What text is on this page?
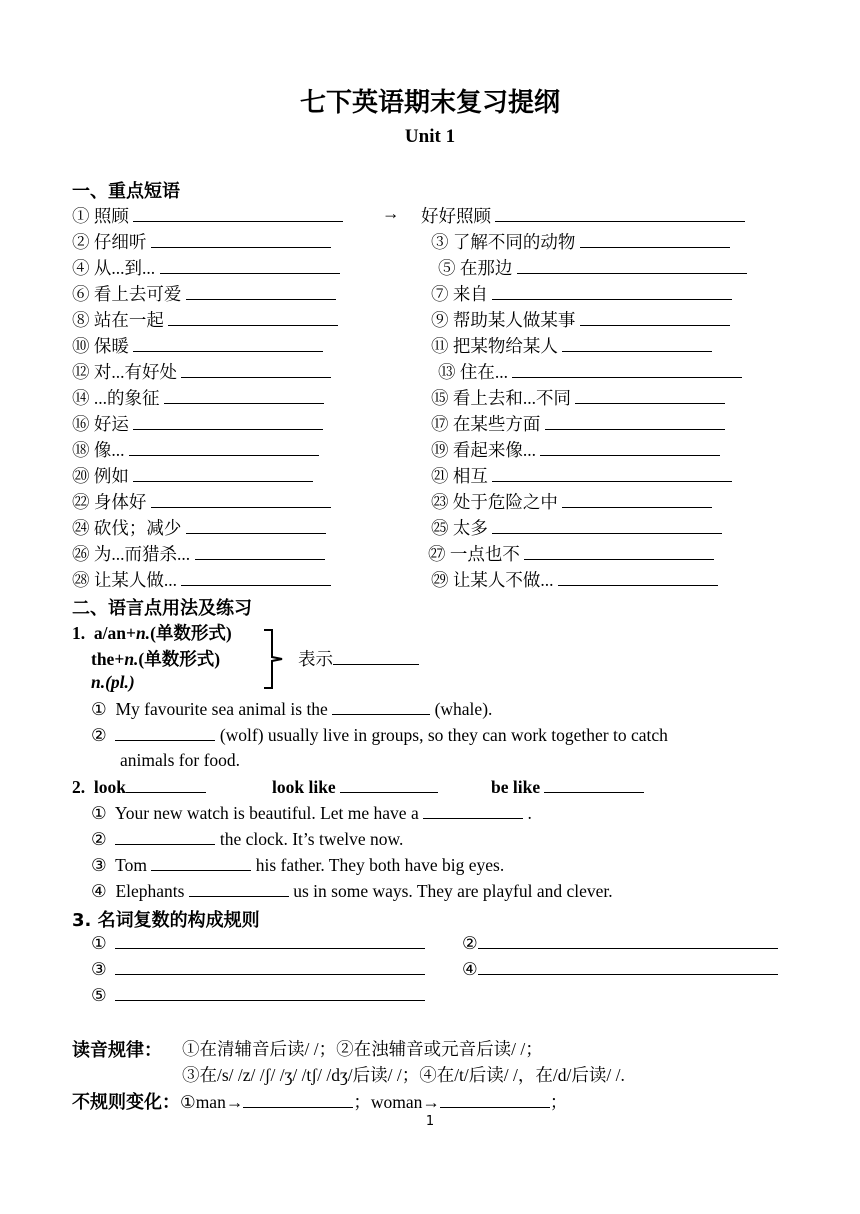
七下英语期末复习提纲
Unit 1
一、重点短语
① 照顾	→ 好好照顾
② 仔细听	③ 了解不同的动物
④ 从...到...	⑤ 在那边
⑥ 看上去可爱	⑦ 来自
⑧ 站在一起	⑨ 帮助某人做某事
⑩ 保暖	⑪ 把某物给某人
⑫ 对...有好处	⑬ 住在...
⑭ ...的象征	⑮ 看上去和...不同
⑯ 好运	⑰ 在某些方面
⑱ 像...	⑲ 看起来像...
⑳ 例如	㉑ 相互
㉒ 身体好	㉓ 处于危险之中
㉔ 砍伐；减少	㉕ 太多
㉖ 为...而猎杀...	㉗ 一点也不
㉘ 让某人做...	㉙ 让某人不做...
二、语言点用法及练习
1. a/an+n.(单数形式)
the+n.(单数形式)
n.(pl.)
表示
① My favourite sea animal is the	(whale).
②	(wolf) usually live in groups, so they can work together to catch
animals for food.
2. look	look like	be like
① Your new watch is beautiful. Let me have a	.
②	the clock. It’s twelve now.
③ Tom	his father. They both have big eyes.
④ Elephants	us in some ways. They are playful and clever.
3. 名词复数的构成规则
①	②
③	④
⑤
读音规律： ①在清辅音后读/ /；②在浊辅音或元音后读/ /；
③在/s/ /z/ /ʃ/ /ʒ/ /tʃ/ /dʒ/后读/ /；④在/t/后读/ /，在/d/后读/ /.
不规则变化：①man→	；woman→	；
1
